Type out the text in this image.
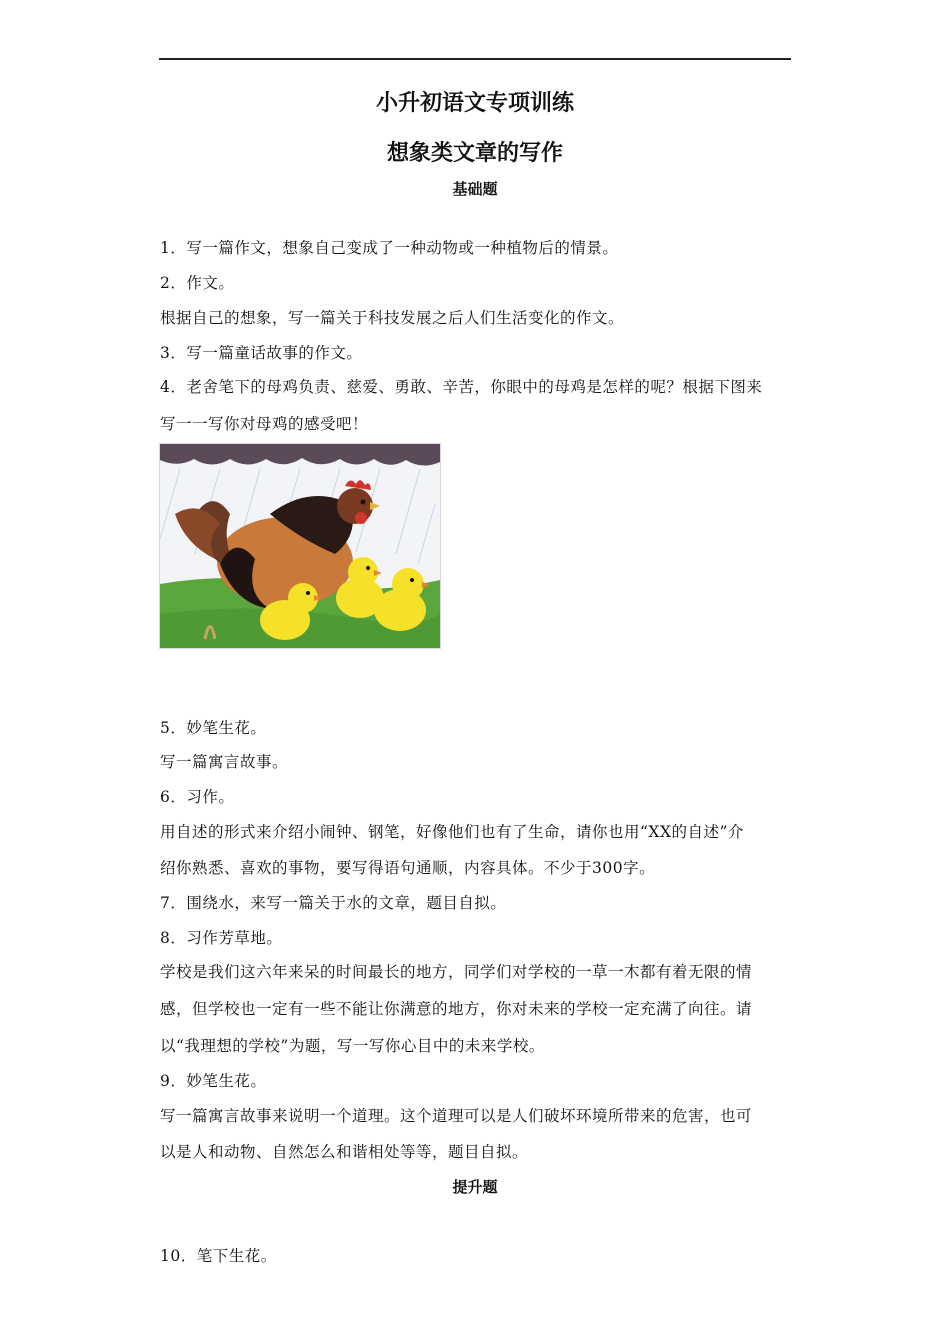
小升初语文专项训练
想象类文章的写作
基础题
1．写一篇作文，想象自己变成了一种动物或一种植物后的情景。
2．作文。
根据自己的想象，写一篇关于科技发展之后人们生活变化的作文。
3．写一篇童话故事的作文。
4．老舍笔下的母鸡负责、慈爱、勇敢、辛苦，你眼中的母鸡是怎样的呢？根据下图来
写一一写你对母鸡的感受吧！
5．妙笔生花。
写一篇寓言故事。
6．习作。
用自述的形式来介绍小闹钟、钢笔，好像他们也有了生命，请你也用“XX的自述”介
绍你熟悉、喜欢的事物，要写得语句通顺，内容具体。不少于300字。
7．围绕水，来写一篇关于水的文章，题目自拟。
8．习作芳草地。
学校是我们这六年来呆的时间最长的地方，同学们对学校的一草一木都有着无限的情
感，但学校也一定有一些不能让你满意的地方，你对未来的学校一定充满了向往。请
以“我理想的学校”为题，写一写你心目中的未来学校。
9．妙笔生花。
写一篇寓言故事来说明一个道理。这个道理可以是人们破坏环境所带来的危害，也可
以是人和动物、自然怎么和谐相处等等，题目自拟。
提升题
10．笔下生花。
